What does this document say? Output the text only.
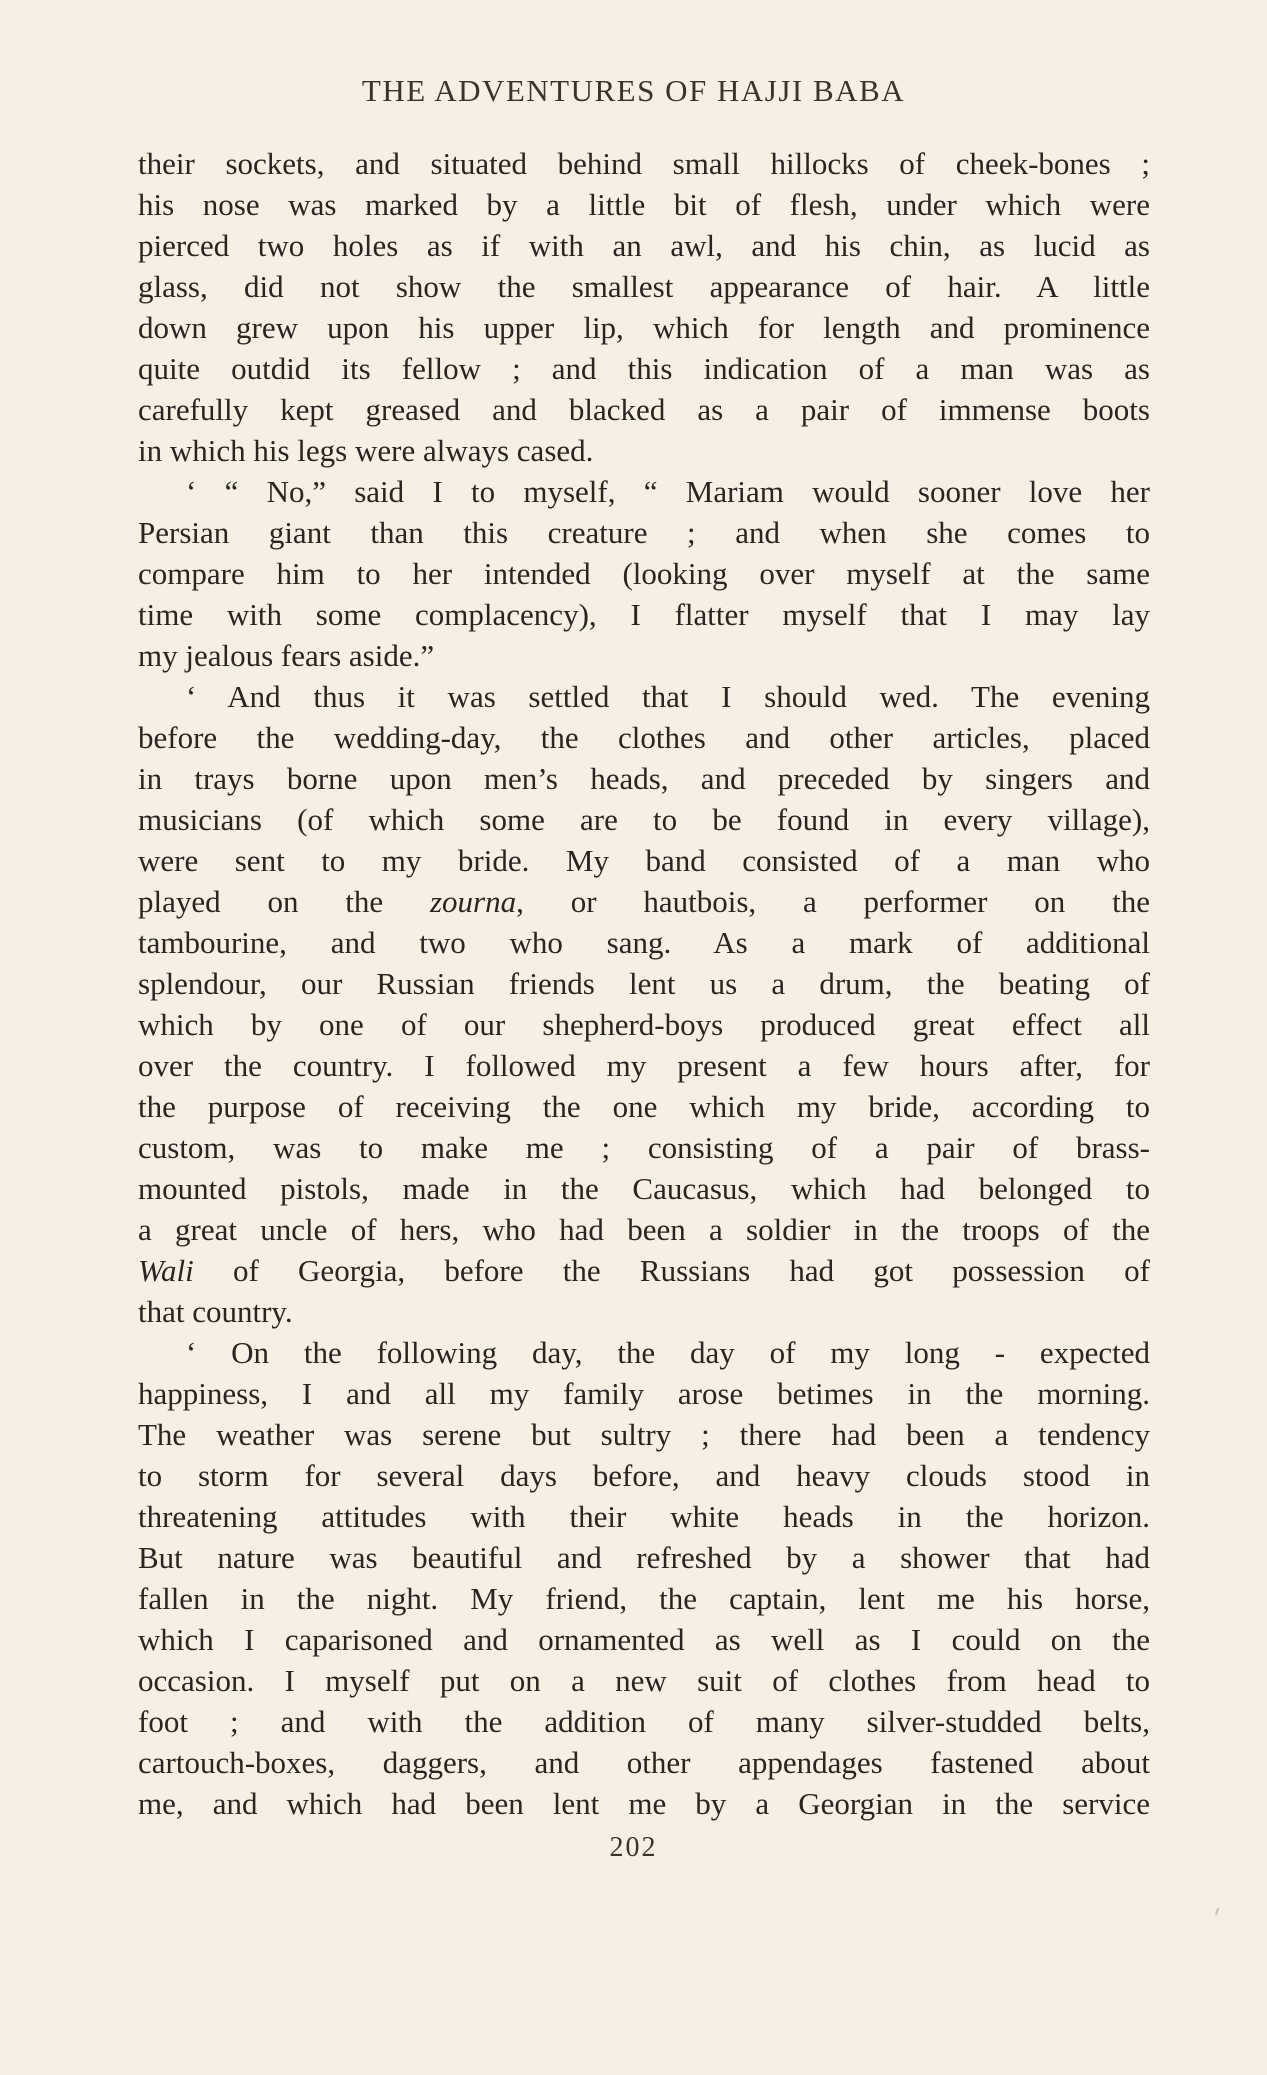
THE ADVENTURES OF HAJJI BABA
their sockets, and situated behind small hillocks of cheek-bones ;
his nose was marked by a little bit of flesh, under which were
pierced two holes as if with an awl, and his chin, as lucid as
glass, did not show the smallest appearance of hair. A little
down grew upon his upper lip, which for length and prominence
quite outdid its fellow ; and this indication of a man was as
carefully kept greased and blacked as a pair of immense boots
in which his legs were always cased.
‘ “ No,” said I to myself, “ Mariam would sooner love her
Persian giant than this creature ; and when she comes to
compare him to her intended (looking over myself at the same
time with some complacency), I flatter myself that I may lay
my jealous fears aside.”
‘ And thus it was settled that I should wed. The evening
before the wedding-day, the clothes and other articles, placed
in trays borne upon men’s heads, and preceded by singers and
musicians (of which some are to be found in every village),
were sent to my bride. My band consisted of a man who
played on the zourna, or hautbois, a performer on the
tambourine, and two who sang. As a mark of additional
splendour, our Russian friends lent us a drum, the beating of
which by one of our shepherd-boys produced great effect all
over the country. I followed my present a few hours after, for
the purpose of receiving the one which my bride, according to
custom, was to make me ; consisting of a pair of brass-
mounted pistols, made in the Caucasus, which had belonged to
a great uncle of hers, who had been a soldier in the troops of the
Wali of Georgia, before the Russians had got possession of
that country.
‘ On the following day, the day of my long - expected
happiness, I and all my family arose betimes in the morning.
The weather was serene but sultry ; there had been a tendency
to storm for several days before, and heavy clouds stood in
threatening attitudes with their white heads in the horizon.
But nature was beautiful and refreshed by a shower that had
fallen in the night. My friend, the captain, lent me his horse,
which I caparisoned and ornamented as well as I could on the
occasion. I myself put on a new suit of clothes from head to
foot ; and with the addition of many silver-studded belts,
cartouch-boxes, daggers, and other appendages fastened about
me, and which had been lent me by a Georgian in the service
202
